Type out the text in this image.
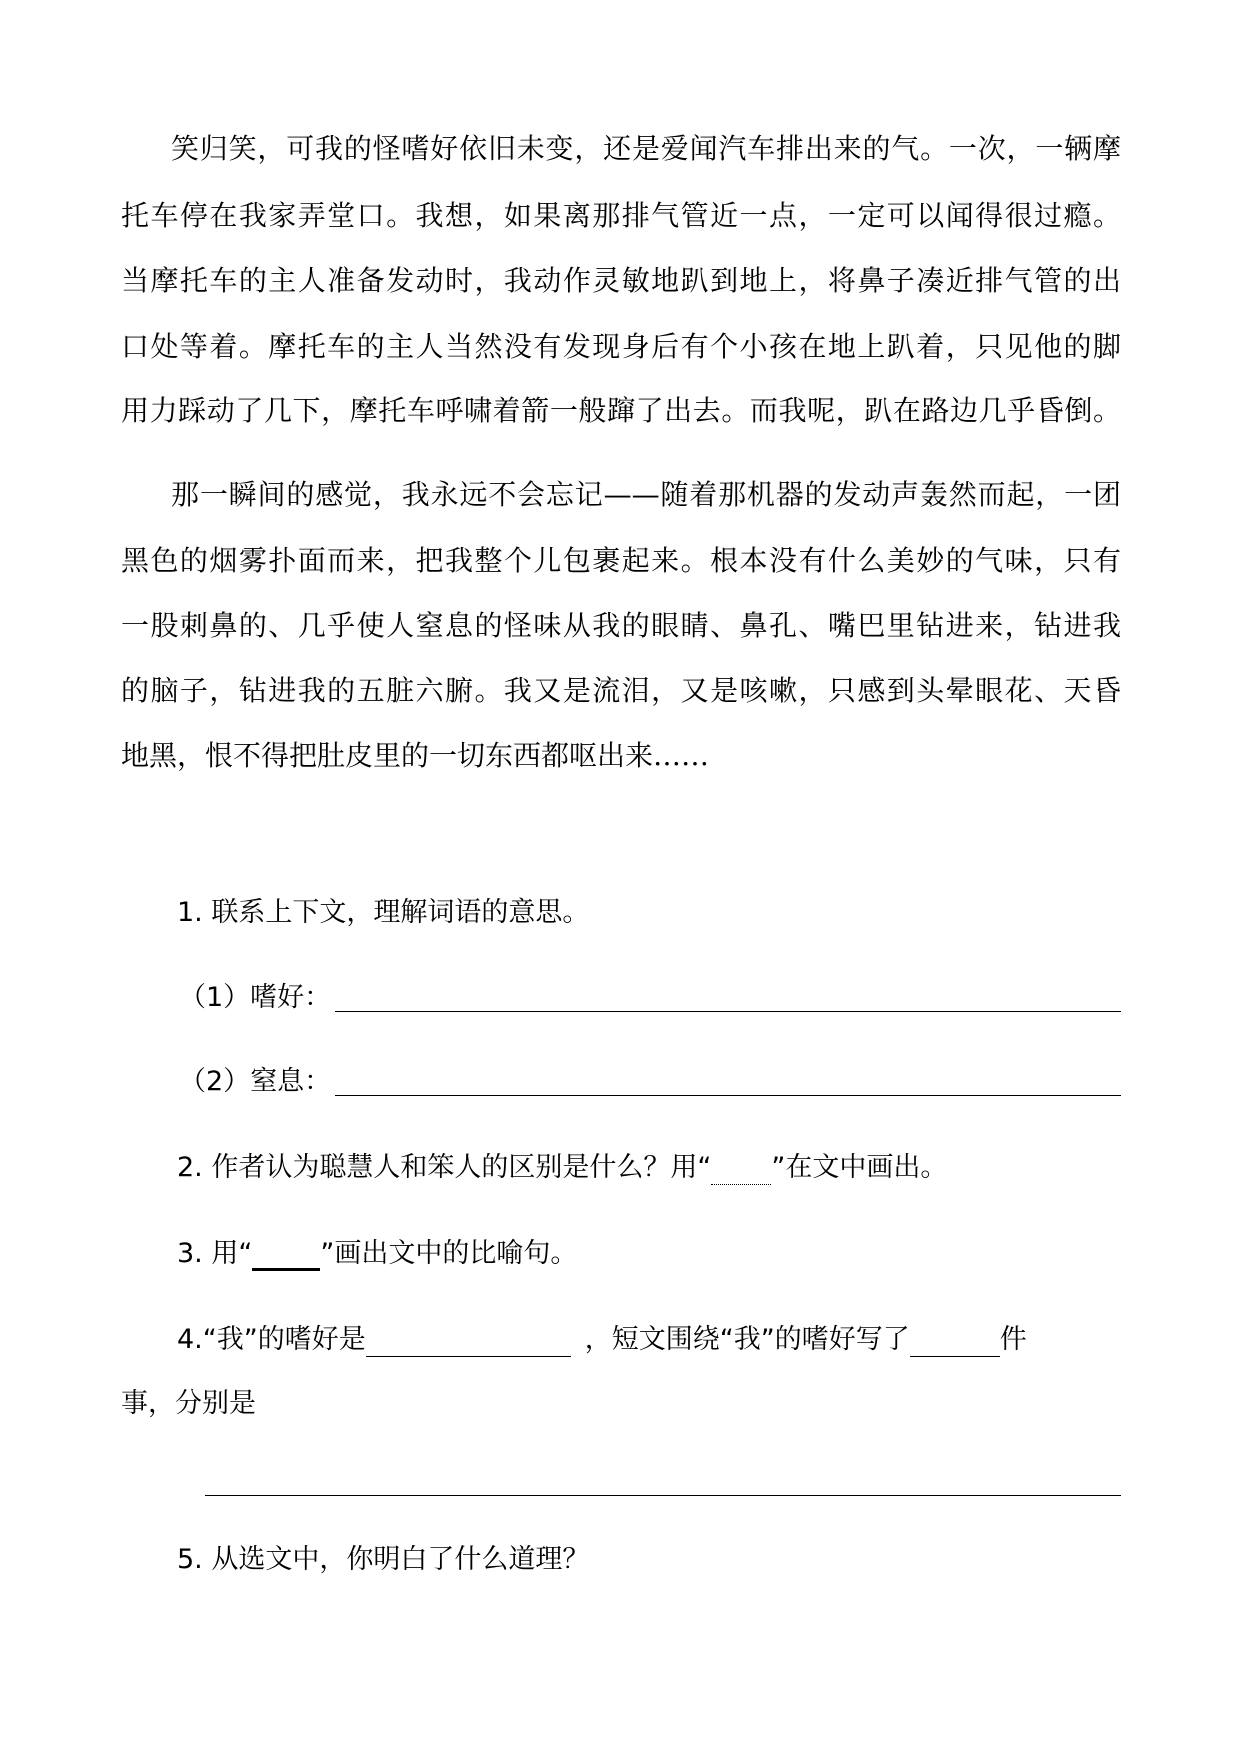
笑归笑，可我的怪嗜好依旧未变，还是爱闻汽车排出来的气。一次，一辆摩
托车停在我家弄堂口。我想，如果离那排气管近一点，一定可以闻得很过瘾。
当摩托车的主人准备发动时，我动作灵敏地趴到地上，将鼻子凑近排气管的出
口处等着。摩托车的主人当然没有发现身后有个小孩在地上趴着，只见他的脚
用力踩动了几下，摩托车呼啸着箭一般蹿了出去。而我呢，趴在路边几乎昏倒。
那一瞬间的感觉，我永远不会忘记——随着那机器的发动声轰然而起，一团
黑色的烟雾扑面而来，把我整个儿包裹起来。根本没有什么美妙的气味，只有
一股刺鼻的、几乎使人窒息的怪味从我的眼睛、鼻孔、嘴巴里钻进来，钻进我
的脑子，钻进我的五脏六腑。我又是流泪，又是咳嗽，只感到头晕眼花、天昏
地黑，恨不得把肚皮里的一切东西都呕出来……
1. 联系上下文，理解词语的意思。
（1）嗜好：
（2）窒息：
2. 作者认为聪慧人和笨人的区别是什么？用“ ”在文中画出。
3. 用“	”画出文中的比喻句。
4.“我”的嗜好是	，短文围绕“我”的嗜好写了	件
事，分别是
5. 从选文中，你明白了什么道理？
